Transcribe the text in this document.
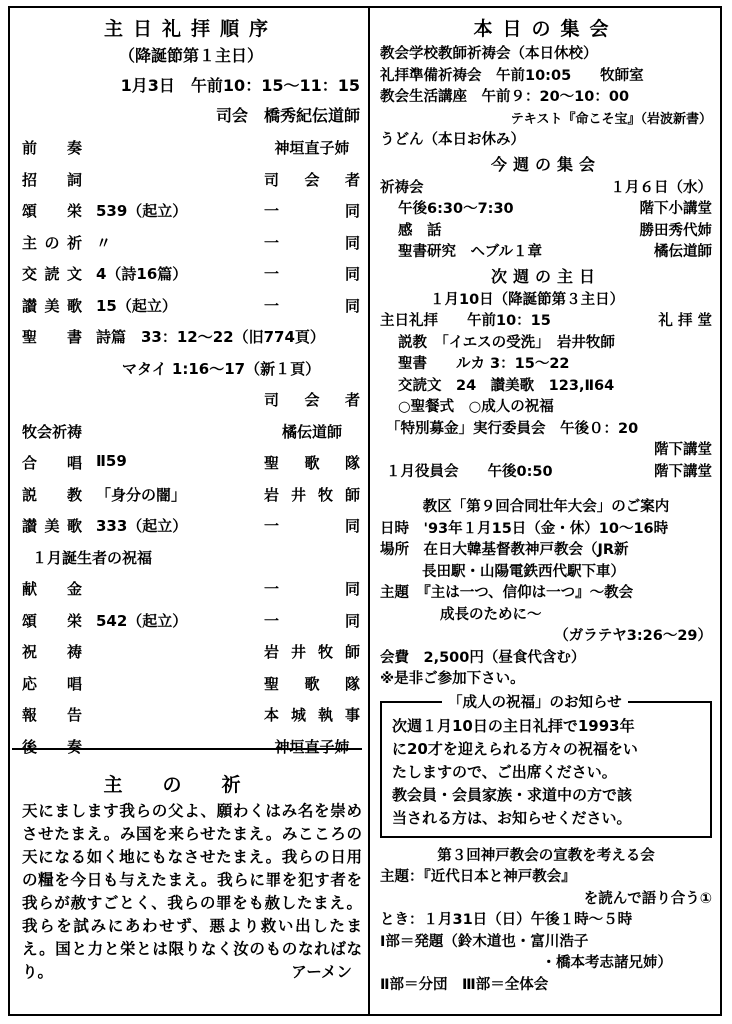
主日礼拝順序
（降誕節第１主日）
1月3日　午前10：15〜11：15
司会　橋秀紀伝道師
前奏	神垣直子姉
招詞	司会者
頌栄 539（起立）	一　同
主の祈 〃	一　同
交読文 4（詩16篇）	一　同
讃美歌 15（起立）	一　同
聖書 詩篇　33：12〜22（旧774頁）
マタイ 1:16〜17（新１頁）
司会者
牧会祈祷	橘伝道師
合唱 Ⅱ59	聖歌隊
説教 「身分の闇」	岩井牧師
讃美歌 333（起立）	一　同
１月誕生者の祝福
献金	一　同
頌栄 542（起立）	一　同
祝祷	岩井牧師
応唱	聖歌隊
報告	本城執事
後奏	神垣直子姉
主の祈
天にまします我らの父よ、願わくはみ名を崇めさせたまえ。み国を来らせたまえ。みこころの天になる如く地にもなさせたまえ。我らの日用の糧を今日も与えたまえ。我らに罪を犯す者を我らが赦すごとく、我らの罪をも赦したまえ。我らを試みにあわせず、悪より救い出したまえ。国と力と栄とは限りなく汝のものなればなり。	アーメン
本日の集会
教会学校教師祈祷会（本日休校）
礼拝準備祈祷会　午前10:05　　牧師室
教会生活講座　午前９：20〜10：00
テキスト『命こそ宝』（岩波新書）
うどん（本日お休み）
今週の集会
祈祷会	１月６日（水）
午後6:30〜7:30	階下小講堂
感　話	勝田秀代姉
聖書研究　ヘブル１章	橘伝道師
次週の主日
１月10日（降誕節第３主日）
主日礼拝　　午前10：15	礼 拝 堂
説教　「イエスの受洗」　岩井牧師
聖書　　ルカ 3：15〜22
交読文　24　讃美歌　123,Ⅱ64
○聖餐式　○成人の祝福
「特別募金」実行委員会　午後０：20
階下講堂
１月役員会　　午後0:50	階下講堂
教区「第９回合同壮年大会」のご案内
日時　 '93年１月15日（金・休）10〜16時
場所　 在日大韓基督教神戸教会（JR新
長田駅・山陽電鉄西代駅下車）
主題　 『主は一つ、信仰は一つ』〜教会
成長のために〜
（ガラテヤ3:26〜29）
会費　2,500円（昼食代含む）
※是非ご参加下さい。
「成人の祝福」のお知らせ
次週１月10日の主日礼拝で1993年
に20才を迎えられる方々の祝福をい
たしますので、ご出席ください。
教会員・会員家族・求道中の方で該
当される方は、お知らせください。
第３回神戸教会の宣教を考える会
主題：『近代日本と神戸教会』
を読んで語り合う①
とき：１月31日（日）午後１時〜５時
Ⅰ部＝発題（鈴木道也・富川浩子
・橋本考志諸兄姉）
Ⅱ部＝分団　Ⅲ部＝全体会
